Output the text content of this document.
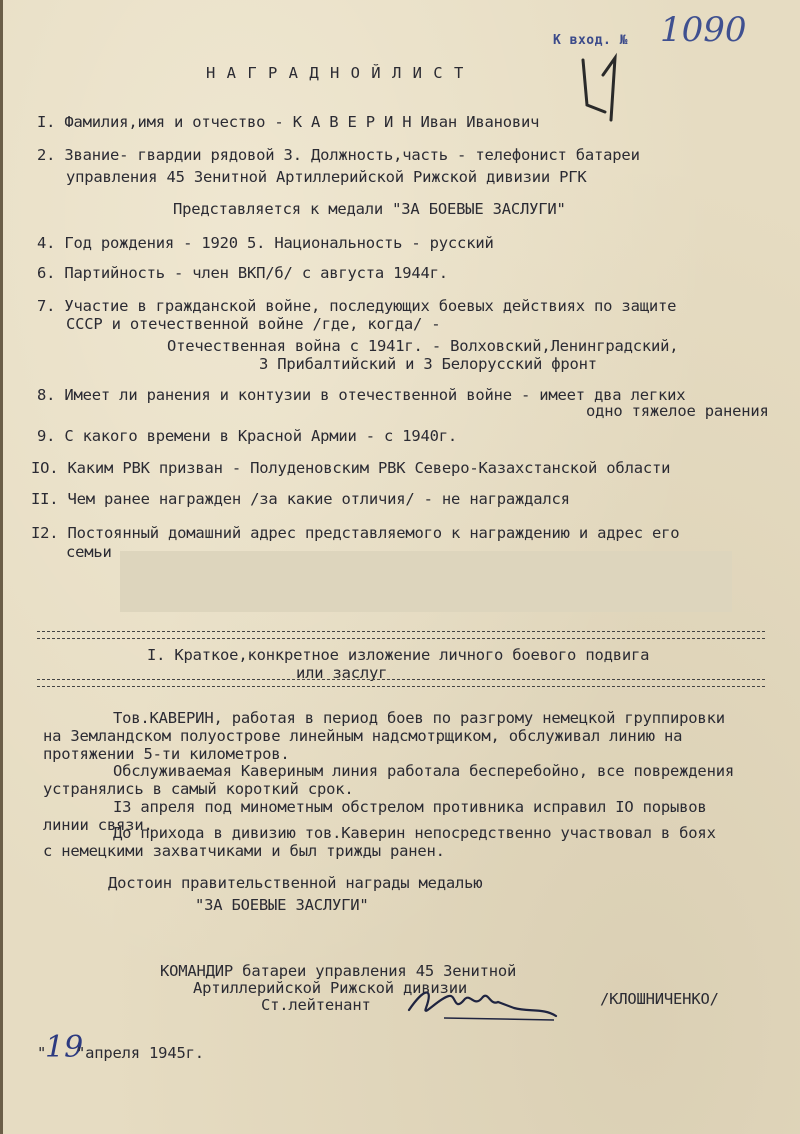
К вход. № 1090
Н А Г Р А Д Н О Й Л И С Т
I. Фамилия,имя и отчество - К А В Е Р И Н Иван Иванович
2. Звание- гвардии рядовой 3. Должность,часть - телефонист батареи
управления 45 Зенитной Артиллерийской Рижской дивизии РГК
Представляется к медали "ЗА БОЕВЫЕ ЗАСЛУГИ"
4. Год рождения - 1920 5. Национальность - русский
6. Партийность - член ВКП/б/ с августа 1944г.
7. Участие в гражданской войне, последующих боевых действиях по защите
СССР и отечественной войне /где, когда/ -
Отечественная война с 1941г. - Волховский,Ленинградский,
3 Прибалтийский и 3 Белорусский фронт
8. Имеет ли ранения и контузии в отечественной войне - имеет два легких
одно тяжелое ранения
9. С какого времени в Красной Армии - с 1940г.
IO. Каким РВК призван - Полуденовским РВК Северо-Казахстанской области
II. Чем ранее награжден /за какие отличия/ - не награждался
I2. Постоянный домашний адрес представляемого к награждению и адрес его
семьи
I. Краткое,конкретное изложение личного боевого подвига
или заслуг
Тов.КАВЕРИН, работая в период боев по разгрому немецкой группировки
на Земландском полуострове линейным надсмотрщиком, обслуживал линию на
протяжении 5-ти километров.
Обслуживаемая Кавериным линия работала бесперебойно, все повреждения
устранялись в самый короткий срок.
I3 апреля под минометным обстрелом противника исправил IO порывов
линии связи.
До прихода в дивизию тов.Каверин непосредственно участвовал в боях
с немецкими захватчиками и был трижды ранен.
Достоин правительственной награды медалью
"ЗА БОЕВЫЕ ЗАСЛУГИ"
КОМАНДИР батареи управления 45 Зенитной
Артиллерийской Рижской дивизии
Ст.лейтенант	/КЛОШНИЧЕНКО/
"
19
"апреля 1945г.
